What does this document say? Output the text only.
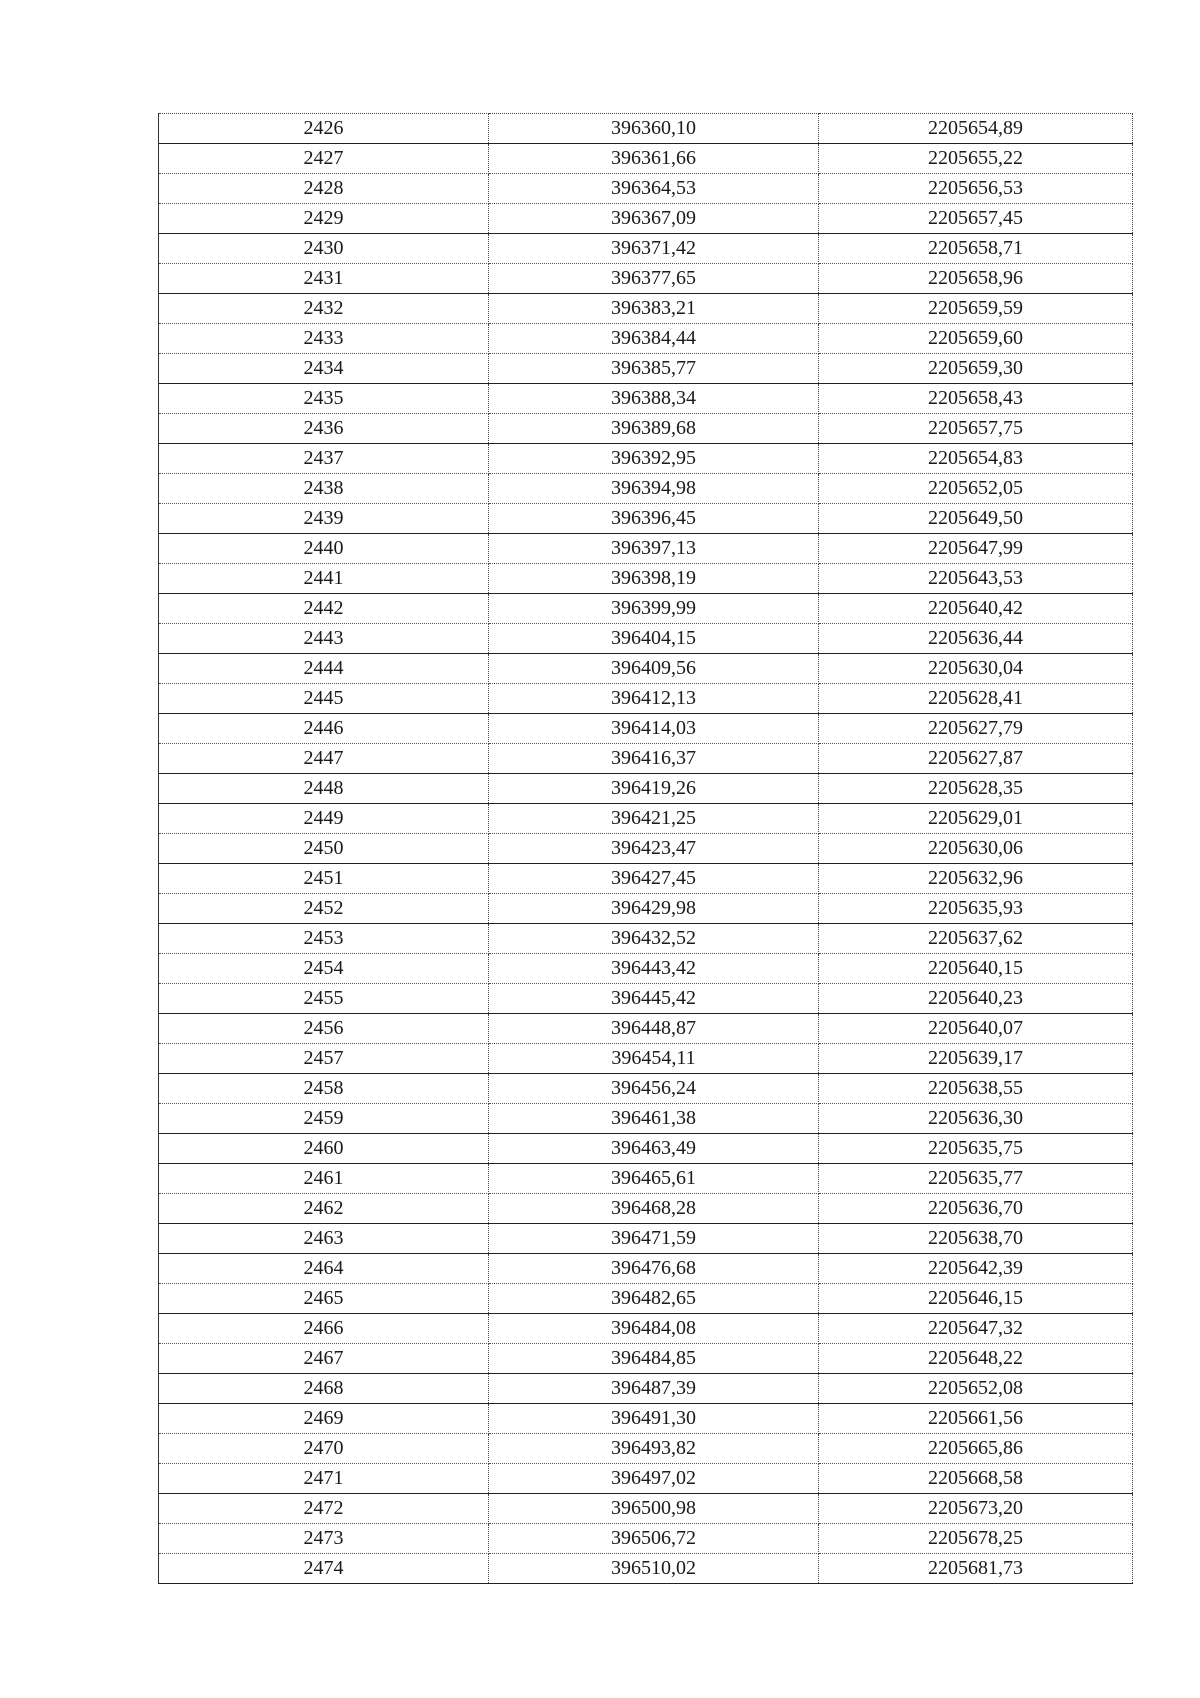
2426	396360,10	2205654,89
2427	396361,66	2205655,22
2428	396364,53	2205656,53
2429	396367,09	2205657,45
2430	396371,42	2205658,71
2431	396377,65	2205658,96
2432	396383,21	2205659,59
2433	396384,44	2205659,60
2434	396385,77	2205659,30
2435	396388,34	2205658,43
2436	396389,68	2205657,75
2437	396392,95	2205654,83
2438	396394,98	2205652,05
2439	396396,45	2205649,50
2440	396397,13	2205647,99
2441	396398,19	2205643,53
2442	396399,99	2205640,42
2443	396404,15	2205636,44
2444	396409,56	2205630,04
2445	396412,13	2205628,41
2446	396414,03	2205627,79
2447	396416,37	2205627,87
2448	396419,26	2205628,35
2449	396421,25	2205629,01
2450	396423,47	2205630,06
2451	396427,45	2205632,96
2452	396429,98	2205635,93
2453	396432,52	2205637,62
2454	396443,42	2205640,15
2455	396445,42	2205640,23
2456	396448,87	2205640,07
2457	396454,11	2205639,17
2458	396456,24	2205638,55
2459	396461,38	2205636,30
2460	396463,49	2205635,75
2461	396465,61	2205635,77
2462	396468,28	2205636,70
2463	396471,59	2205638,70
2464	396476,68	2205642,39
2465	396482,65	2205646,15
2466	396484,08	2205647,32
2467	396484,85	2205648,22
2468	396487,39	2205652,08
2469	396491,30	2205661,56
2470	396493,82	2205665,86
2471	396497,02	2205668,58
2472	396500,98	2205673,20
2473	396506,72	2205678,25
2474	396510,02	2205681,73
